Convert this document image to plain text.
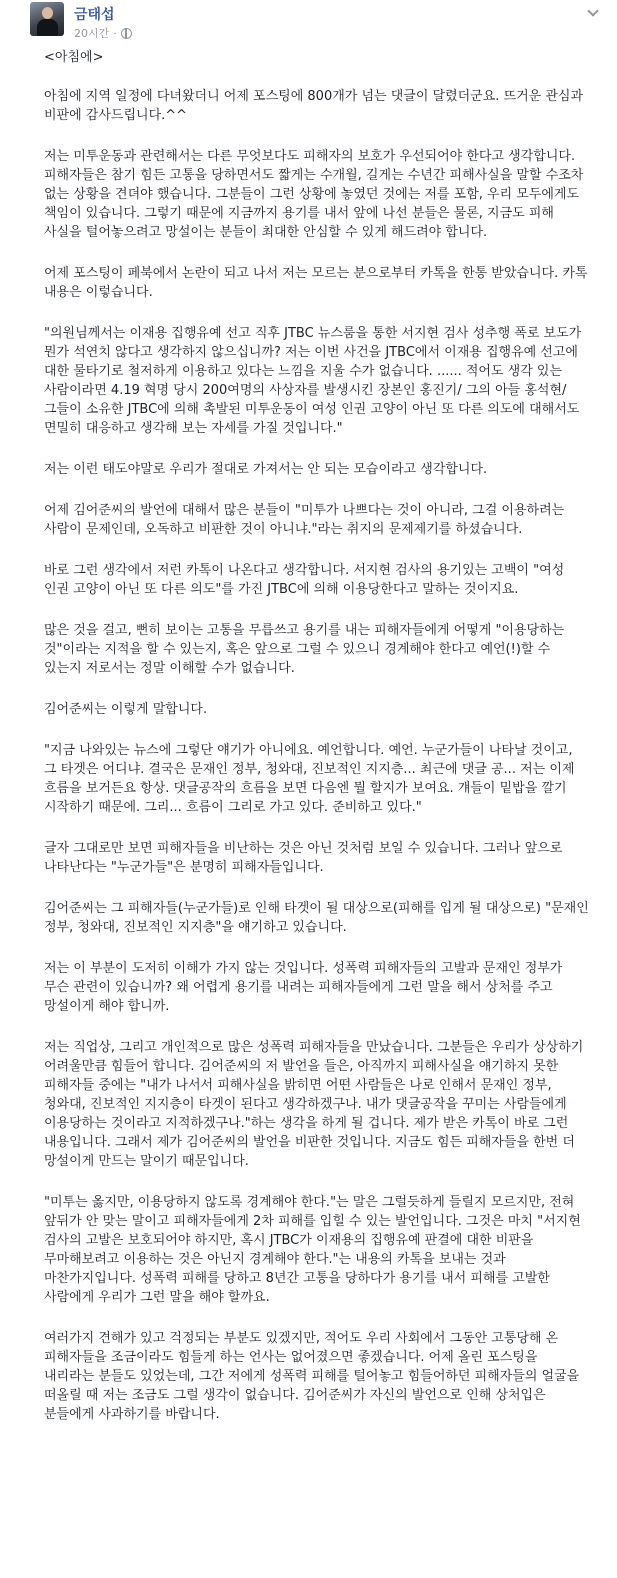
금태섭
20시간 ·

<아침에>

아침에 지역 일정에 다녀왔더니 어제 포스팅에 800개가 넘는 댓글이 달렸더군요. 뜨거운 관심과 비판에 감사드립니다.^^

저는 미투운동과 관련해서는 다른 무엇보다도 피해자의 보호가 우선되어야 한다고 생각합니다. 피해자들은 참기 힘든 고통을 당하면서도 짧게는 수개월, 길게는 수년간 피해사실을 말할 수조차 없는 상황을 견뎌야 했습니다. 그분들이 그런 상황에 놓였던 것에는 저를 포함, 우리 모두에게도 책임이 있습니다. 그렇기 때문에 지금까지 용기를 내서 앞에 나선 분들은 물론, 지금도 피해 사실을 털어놓으려고 망설이는 분들이 최대한 안심할 수 있게 해드려야 합니다.

어제 포스팅이 페북에서 논란이 되고 나서 저는 모르는 분으로부터 카톡을 한통 받았습니다. 카톡 내용은 이렇습니다.

"의원님께서는 이재용 집행유예 선고 직후 JTBC 뉴스룸을 통한 서지현 검사 성추행 폭로 보도가 뭔가 석연치 않다고 생각하지 않으십니까? 저는 이번 사건을 JTBC에서 이재용 집행유예 선고에 대한 물타기로 철저하게 이용하고 있다는 느낌을 지울 수가 없습니다. ...... 적어도 생각 있는 사람이라면 4.19 혁명 당시 200여명의 사상자를 발생시킨 장본인 홍진기/ 그의 아들 홍석현/ 그들이 소유한 JTBC에 의해 촉발된 미투운동이 여성 인권 고양이 아닌 또 다른 의도에 대해서도 면밀히 대응하고 생각해 보는 자세를 가질 것입니다."

저는 이런 태도야말로 우리가 절대로 가져서는 안 되는 모습이라고 생각합니다.

어제 김어준씨의 발언에 대해서 많은 분들이 "미투가 나쁘다는 것이 아니라, 그걸 이용하려는 사람이 문제인데, 오독하고 비판한 것이 아니냐."라는 취지의 문제제기를 하셨습니다.

바로 그런 생각에서 저런 카톡이 나온다고 생각합니다. 서지현 검사의 용기있는 고백이 "여성 인권 고양이 아닌 또 다른 의도"를 가진 JTBC에 의해 이용당한다고 말하는 것이지요.

많은 것을 걸고, 뻔히 보이는 고통을 무릅쓰고 용기를 내는 피해자들에게 어떻게 "이용당하는 것"이라는 지적을 할 수 있는지, 혹은 앞으로 그럴 수 있으니 경계해야 한다고 예언(!)할 수 있는지 저로서는 정말 이해할 수가 없습니다.

김어준씨는 이렇게 말합니다.

"지금 나와있는 뉴스에 그렇단 얘기가 아니에요. 예언합니다. 예언. 누군가들이 나타날 것이고, 그 타겟은 어디냐. 결국은 문재인 정부, 청와대, 진보적인 지지층... 최근에 댓글 공... 저는 이제 흐름을 보거든요 항상. 댓글공작의 흐름을 보면 다음엔 뭘 할지가 보여요. 걔들이 밑밥을 깔기 시작하기 때문에. 그리... 흐름이 그리로 가고 있다. 준비하고 있다."

글자 그대로만 보면 피해자들을 비난하는 것은 아닌 것처럼 보일 수 있습니다. 그러나 앞으로 나타난다는 "누군가들"은 분명히 피해자들입니다.

김어준씨는 그 피해자들(누군가들)로 인해 타겟이 될 대상으로(피해를 입게 될 대상으로) "문재인 정부, 청와대, 진보적인 지지층"을 얘기하고 있습니다.

저는 이 부분이 도저히 이해가 가지 않는 것입니다. 성폭력 피해자들의 고발과 문재인 정부가 무슨 관련이 있습니까? 왜 어렵게 용기를 내려는 피해자들에게 그런 말을 해서 상처를 주고 망설이게 해야 합니까.

저는 직업상, 그리고 개인적으로 많은 성폭력 피해자들을 만났습니다. 그분들은 우리가 상상하기 어려울만큼 힘들어 합니다. 김어준씨의 저 발언을 들은, 아직까지 피해사실을 얘기하지 못한 피해자들 중에는 "내가 나서서 피해사실을 밝히면 어떤 사람들은 나로 인해서 문재인 정부, 청와대, 진보적인 지지층이 타겟이 된다고 생각하겠구나. 내가 댓글공작을 꾸미는 사람들에게 이용당하는 것이라고 지적하겠구나."하는 생각을 하게 될 겁니다. 제가 받은 카톡이 바로 그런 내용입니다. 그래서 제가 김어준씨의 발언을 비판한 것입니다. 지금도 힘든 피해자들을 한번 더 망설이게 만드는 말이기 때문입니다.

"미투는 옳지만, 이용당하지 않도록 경계해야 한다."는 말은 그럴듯하게 들릴지 모르지만, 전혀 앞뒤가 안 맞는 말이고 피해자들에게 2차 피해를 입힐 수 있는 발언입니다. 그것은 마치 "서지현 검사의 고발은 보호되어야 하지만, 혹시 JTBC가 이재용의 집행유예 판결에 대한 비판을 무마해보려고 이용하는 것은 아닌지 경계해야 한다."는 내용의 카톡을 보내는 것과 마찬가지입니다. 성폭력 피해를 당하고 8년간 고통을 당하다가 용기를 내서 피해를 고발한 사람에게 우리가 그런 말을 해야 할까요.

여러가지 견해가 있고 걱정되는 부분도 있겠지만, 적어도 우리 사회에서 그동안 고통당해 온 피해자들을 조금이라도 힘들게 하는 언사는 없어졌으면 좋겠습니다. 어제 올린 포스팅을 내리라는 분들도 있었는데, 그간 저에게 성폭력 피해를 털어놓고 힘들어하던 피해자들의 얼굴을 떠올릴 때 저는 조금도 그럴 생각이 없습니다. 김어준씨가 자신의 발언으로 인해 상처입은 분들에게 사과하기를 바랍니다.
